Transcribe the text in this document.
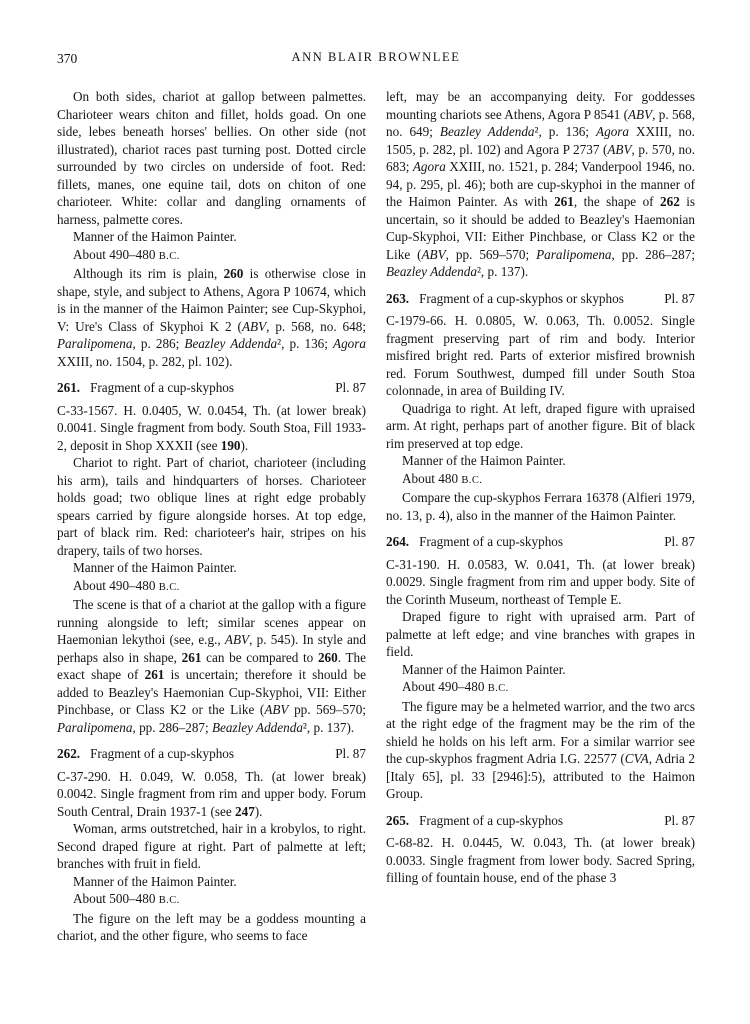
370	ANN BLAIR BROWNLEE

On both sides, chariot at gallop between palmettes. Charioteer wears chiton and fillet, holds goad. On one side, lebes beneath horses' bellies. On other side (not illustrated), chariot races past turning post. Dotted circle surrounded by two circles on underside of foot. Red: fillets, manes, one equine tail, dots on chiton of one charioteer. White: collar and dangling ornaments of harness, palmette cores.

Manner of the Haimon Painter.

About 490–480 B.C.

Although its rim is plain, 260 is otherwise close in shape, style, and subject to Athens, Agora P 10674, which is in the manner of the Haimon Painter; see Cup-Skyphoi, V: Ure's Class of Skyphoi K 2 (ABV, p. 568, no. 648; Paralipomena, p. 286; Beazley Addenda², p. 136; Agora XXIII, no. 1504, p. 282, pl. 102).

261. Fragment of a cup-skyphos	Pl. 87

C-33-1567. H. 0.0405, W. 0.0454, Th. (at lower break) 0.0041. Single fragment from body. South Stoa, Fill 1933-2, deposit in Shop XXXII (see 190).

Chariot to right. Part of chariot, charioteer (including his arm), tails and hindquarters of horses. Charioteer holds goad; two oblique lines at right edge probably spears carried by figure alongside horses. At top edge, part of black rim. Red: charioteer's hair, stripes on his drapery, tails of two horses.

Manner of the Haimon Painter.

About 490–480 B.C.

The scene is that of a chariot at the gallop with a figure running alongside to left; similar scenes appear on Haemonian lekythoi (see, e.g., ABV, p. 545). In style and perhaps also in shape, 261 can be compared to 260. The exact shape of 261 is uncertain; therefore it should be added to Beazley's Haemonian Cup-Skyphoi, VII: Either Pinchbase, or Class K2 or the Like (ABV pp. 569–570; Paralipomena, pp. 286–287; Beazley Addenda², p. 137).

262. Fragment of a cup-skyphos	Pl. 87

C-37-290. H. 0.049, W. 0.058, Th. (at lower break) 0.0042. Single fragment from rim and upper body. Forum South Central, Drain 1937-1 (see 247).

Woman, arms outstretched, hair in a krobylos, to right. Second draped figure at right. Part of palmette at left; branches with fruit in field.

Manner of the Haimon Painter.

About 500–480 B.C.

The figure on the left may be a goddess mounting a chariot, and the other figure, who seems to face

left, may be an accompanying deity. For goddesses mounting chariots see Athens, Agora P 8541 (ABV, p. 568, no. 649; Beazley Addenda², p. 136; Agora XXIII, no. 1505, p. 282, pl. 102) and Agora P 2737 (ABV, p. 570, no. 683; Agora XXIII, no. 1521, p. 284; Vanderpool 1946, no. 94, p. 295, pl. 46); both are cup-skyphoi in the manner of the Haimon Painter. As with 261, the shape of 262 is uncertain, so it should be added to Beazley's Haemonian Cup-Skyphoi, VII: Either Pinchbase, or Class K2 or the Like (ABV, pp. 569–570; Paralipomena, pp. 286–287; Beazley Addenda², p. 137).

263. Fragment of a cup-skyphos or skyphos	Pl. 87

C-1979-66. H. 0.0805, W. 0.063, Th. 0.0052. Single fragment preserving part of rim and body. Interior misfired bright red. Parts of exterior misfired brownish red. Forum Southwest, dumped fill under South Stoa colonnade, in area of Building IV.

Quadriga to right. At left, draped figure with upraised arm. At right, perhaps part of another figure. Bit of black rim preserved at top edge.

Manner of the Haimon Painter.

About 480 B.C.

Compare the cup-skyphos Ferrara 16378 (Alfieri 1979, no. 13, p. 4), also in the manner of the Haimon Painter.

264. Fragment of a cup-skyphos	Pl. 87

C-31-190. H. 0.0583, W. 0.041, Th. (at lower break) 0.0029. Single fragment from rim and upper body. Site of the Corinth Museum, northeast of Temple E.

Draped figure to right with upraised arm. Part of palmette at left edge; and vine branches with grapes in field.

Manner of the Haimon Painter.

About 490–480 B.C.

The figure may be a helmeted warrior, and the two arcs at the right edge of the fragment may be the rim of the shield he holds on his left arm. For a similar warrior see the cup-skyphos fragment Adria I.G. 22577 (CVA, Adria 2 [Italy 65], pl. 33 [2946]:5), attributed to the Haimon Group.

265. Fragment of a cup-skyphos	Pl. 87

C-68-82. H. 0.0445, W. 0.043, Th. (at lower break) 0.0033. Single fragment from lower body. Sacred Spring, filling of fountain house, end of the phase 3
